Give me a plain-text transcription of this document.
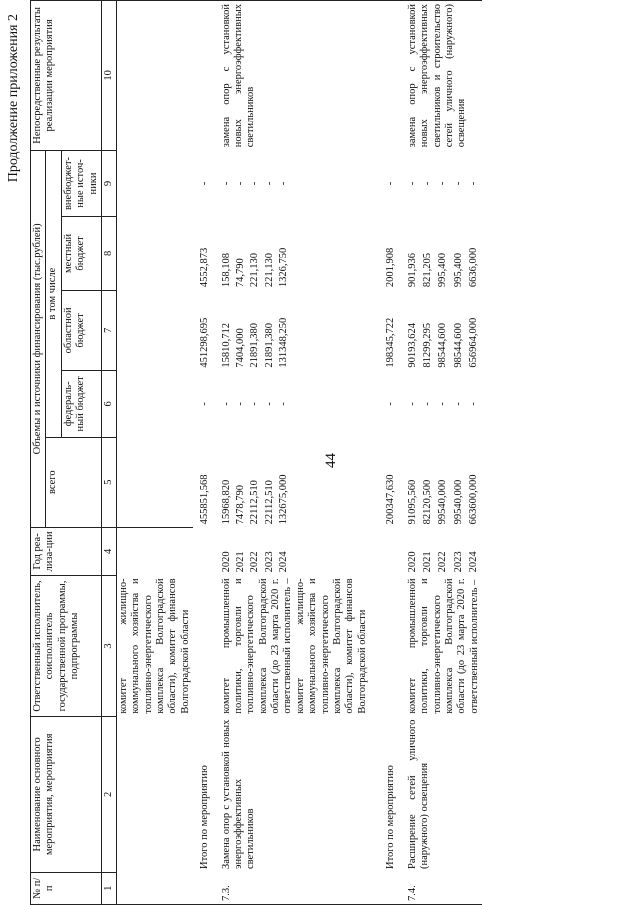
44
Продолжение приложения 2
№ п/п	Наименование основного мероприятия, мероприятия	Ответственный исполнитель, соисполнитель государственной программы, подпрограммы	Год реа-лиза-ции	Объемы и источники финансирования (тыс.рублей)					Непосредственные результаты реализации мероприятия
				всего	в том числе				
					федераль-ный бюджет	областной бюджет	местный бюджет	внебюджет-ные источ-ники	
1	2	3	4	5	6	7	8	9	10
		комитет жилищно-коммунального хозяйства и топливно-энергетического комплекса Волгоградской области), комитет финансов Волгоградской области							
	Итого по мероприятию			455851,568	-	451298,695	4552,873	-	
7.3.	Замена опор с установкой новых энергоэффективных светильников	комитет промышленной политики, торговли и топливно-энергетического комплекса Волгоградской области (до 23 марта 2020 г. ответственный исполнитель – комитет жилищно-коммунального хозяйства и топливно-энергетического комплекса Волгоградской области), комитет финансов Волгоградской области	2020	15968,820	-	15810,712	158,108	-	замена опор с установкой новых энергоэффективных светильников
			2021	7478,790	-	7404,000	74,790	-	
			2022	22112,510	-	21891,380	221,130	-	
			2023	22112,510	-	21891,380	221,130	-	
			2024	132675,000	-	131348,250	1326,750	-	

	Итого по мероприятию			200347,630	-	198345,722	2001,908	-	
7.4.	Расширение сетей уличного (наружного) освещения	комитет промышленной политики, торговли и топливно-энергетического комплекса Волгоградской области (до 23 марта 2020 г. ответственный исполнитель –	2020	91095,560	-	90193,624	901,936	-	замена опор с установкой новых энергоэффективных светильников и строительство сетей уличного (наружного) освещения
			2021	82120,500	-	81299,295	821,205	-	
			2022	99540,000	-	98544,600	995,400	-	
			2023	99540,000	-	98544,600	995,400	-	
			2024	663600,000	-	656964,000	6636,000	-	
